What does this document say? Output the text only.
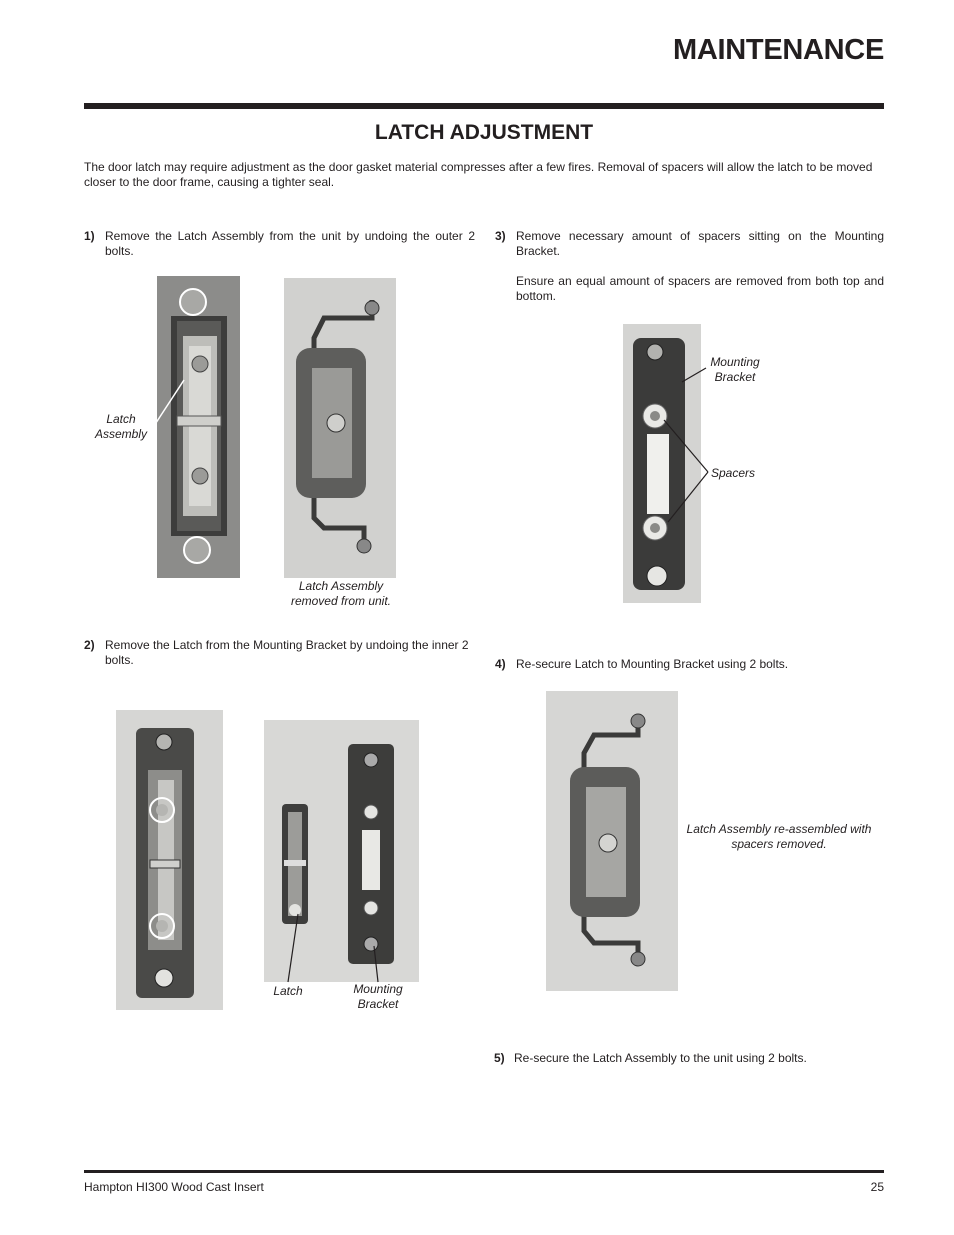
MAINTENANCE
LATCH ADJUSTMENT
The door latch may require adjustment as the door gasket material compresses after a few fires. Removal of spacers will allow the latch to be moved closer to the door frame, causing a tighter seal.
1) Remove the Latch Assembly from the unit by undoing the outer 2 bolts.

Latch
Assembly
Latch Assembly
removed from unit.
2) Remove the Latch from the Mounting Bracket by undoing the inner 2 bolts.

Latch	Mounting
Bracket
3) Remove necessary amount of spacers sitting on the Mounting Bracket.

Ensure an equal amount of spacers are removed from both top and bottom.

Mounting
Bracket
Spacers
4) Re-secure Latch to Mounting Bracket using 2 bolts.

Latch Assembly re-assembled with
spacers removed.
5) Re-secure the Latch Assembly to the unit using 2 bolts.

Hampton HI300 Wood Cast Insert	25
